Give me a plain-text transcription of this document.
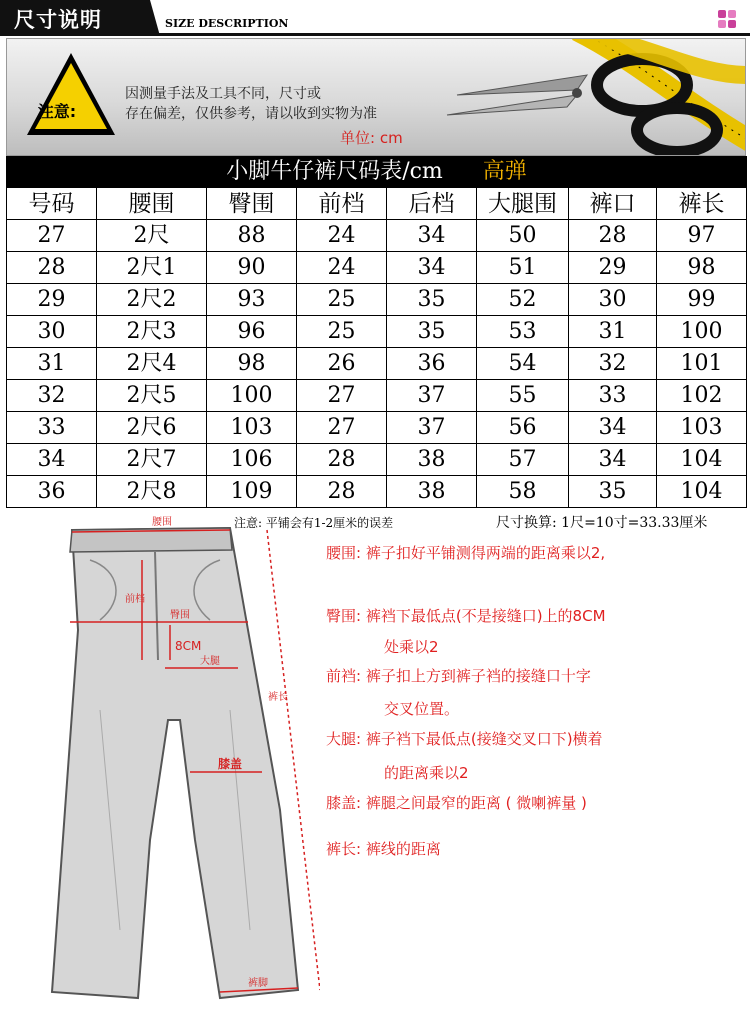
尺寸说明	SIZE DESCRIPTION
注意:
因测量手法及工具不同，尺寸或
存在偏差，仅供参考，请以收到实物为准
单位: cm
小脚牛仔裤尺码表/cm 高弹							
号码	腰围	臀围	前档	后档	大腿围	裤口	裤长
27	2尺	88	24	34	50	28	97
28	2尺1	90	24	34	51	29	98
29	2尺2	93	25	35	52	30	99
30	2尺3	96	25	35	53	31	100
31	2尺4	98	26	36	54	32	101
32	2尺5	100	27	37	55	33	102
33	2尺6	103	27	37	56	34	103
34	2尺7	106	28	38	57	34	104
36	2尺8	109	28	38	58	35	104
注意: 平铺会有1-2厘米的误差	尺寸换算: 1尺=10寸=33.33厘米
腰围
前档
臀围
8CM
大腿
裤长
膝盖
裤脚
腰围: 裤子扣好平铺测得两端的距离乘以2,
臀围: 裤裆下最低点(不是接缝口)上的8CM
处乘以2
前裆: 裤子扣上方到裤子裆的接缝口十字
交叉位置。
大腿: 裤子裆下最低点(接缝交叉口下)横着
的距离乘以2
膝盖: 裤腿之间最窄的距离 ( 微喇裤量 )
裤长: 裤线的距离
